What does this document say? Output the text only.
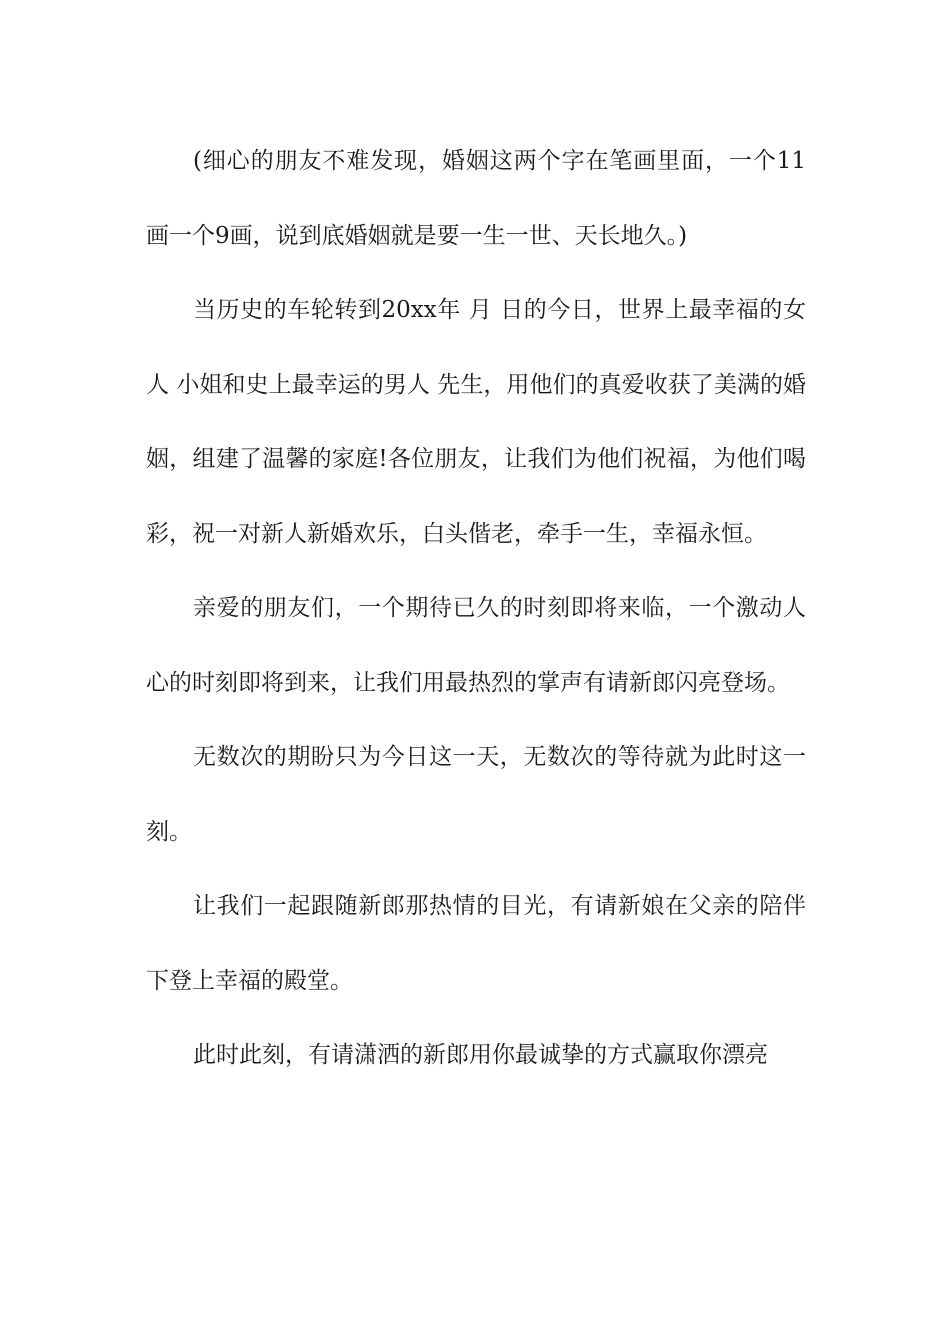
(细心的朋友不难发现，婚姻这两个字在笔画里面，一个11画一个9画，说到底婚姻就是要一生一世、天长地久。)

当历史的车轮转到20xx年 月 日的今日，世界上最幸福的女人 小姐和史上最幸运的男人 先生，用他们的真爱收获了美满的婚姻，组建了温馨的家庭!各位朋友，让我们为他们祝福，为他们喝彩，祝一对新人新婚欢乐，白头偕老，牵手一生，幸福永恒。

亲爱的朋友们，一个期待已久的时刻即将来临，一个激动人心的时刻即将到来，让我们用最热烈的掌声有请新郎闪亮登场。

无数次的期盼只为今日这一天，无数次的等待就为此时这一刻。

让我们一起跟随新郎那热情的目光，有请新娘在父亲的陪伴下登上幸福的殿堂。

此时此刻，有请潇洒的新郎用你最诚挚的方式赢取你漂亮
